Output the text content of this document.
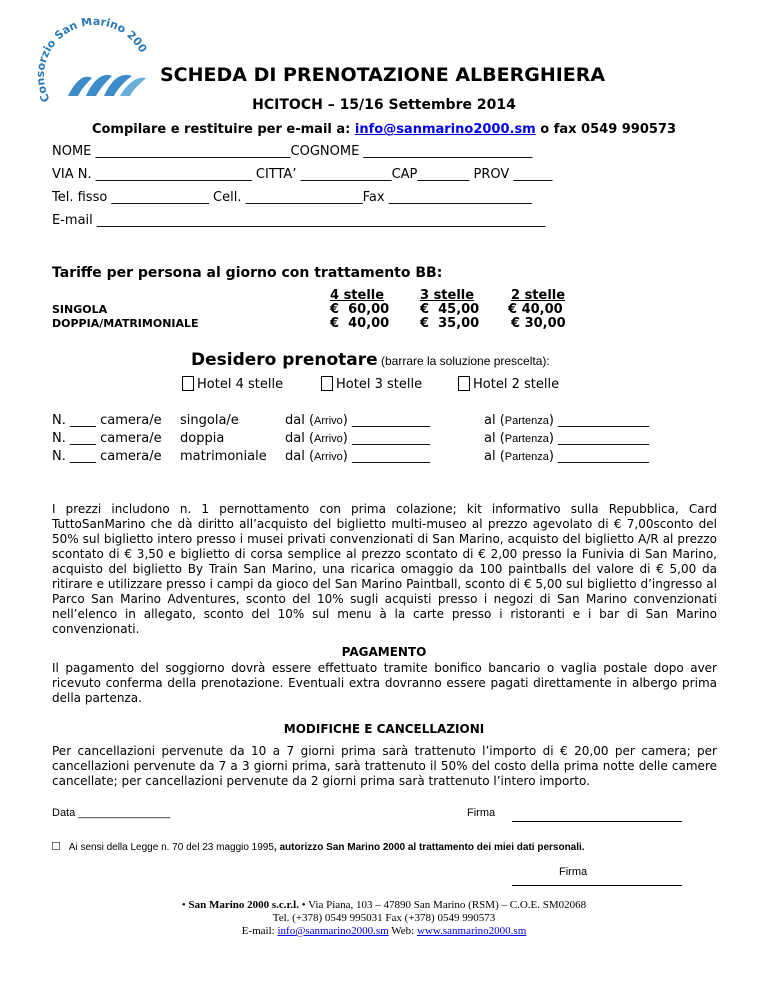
Consorzio San Marino 200
SCHEDA DI PRENOTAZIONE ALBERGHIERA
HCITOCH – 15/16 Settembre 2014
Compilare e restituire per e-mail a: info@sanmarino2000.sm o fax 0549 990573
NOME ______________________________COGNOME __________________________
VIA N. ________________________ CITTA’ ______________CAP________ PROV ______
Tel. fisso _______________ Cell. __________________Fax ______________________
E-mail _____________________________________________________________________
Tariffe per persona al giorno con trattamento BB:
4 stelle	3 stelle	2 stelle
SINGOLA	€  60,00 €  45,00 € 40,00
DOPPIA/MATRIMONIALE	€  40,00 €  35,00 € 30,00
Desidero prenotare (barrare la soluzione prescelta):
Hotel 4 stelle	Hotel 3 stelle	Hotel 2 stelle
N. ____ camera/e singola/e	dal (Arrivo) ____________	al (Partenza) ______________
N. ____ camera/e doppia	dal (Arrivo) ____________	al (Partenza) ______________
N. ____ camera/e matrimoniale dal (Arrivo) ____________	al (Partenza) ______________
I prezzi includono n. 1 pernottamento con prima colazione; kit informativo sulla Repubblica, Card TuttoSanMarino che dà diritto all’acquisto del biglietto multi-museo al prezzo agevolato di € 7,00sconto del 50% sul biglietto intero presso i musei privati convenzionati di San Marino, acquisto del biglietto A/R al prezzo scontato di € 3,50 e biglietto di corsa semplice al prezzo scontato di € 2,00 presso la Funivia di San Marino, acquisto del biglietto By Train San Marino, una ricarica omaggio da 100 paintballs del valore di € 5,00 da ritirare e utilizzare presso i campi da gioco del San Marino Paintball, sconto di € 5,00 sul biglietto d’ingresso al Parco San Marino Adventures, sconto del 10% sugli acquisti presso i negozi di San Marino convenzionati nell’elenco in allegato, sconto del 10% sul menu à la carte presso i ristoranti e i bar di San Marino convenzionati.
PAGAMENTO
Il pagamento del soggiorno dovrà essere effettuato tramite bonifico bancario o vaglia postale dopo aver ricevuto conferma della prenotazione. Eventuali extra dovranno essere pagati direttamente in albergo prima della partenza.
MODIFICHE E CANCELLAZIONI
Per cancellazioni pervenute da 10 a 7 giorni prima sarà trattenuto l’importo di € 20,00 per camera; per cancellazioni pervenute da 7 a 3 giorni prima, sarà trattenuto il 50% del costo della prima notte delle camere cancellate; per cancellazioni pervenute da 2 giorni prima sarà trattenuto l’intero importo.
Data _______________	Firma
Ai sensi della Legge n. 70 del 23 maggio 1995, autorizzo San Marino 2000 al trattamento dei miei dati personali.
Firma
• San Marino 2000 s.c.r.l. • Via Piana, 103 – 47890 San Marino (RSM) – C.O.E. SM02068
Tel. (+378) 0549 995031 Fax (+378) 0549 990573
E-mail: info@sanmarino2000.sm Web: www.sanmarino2000.sm
